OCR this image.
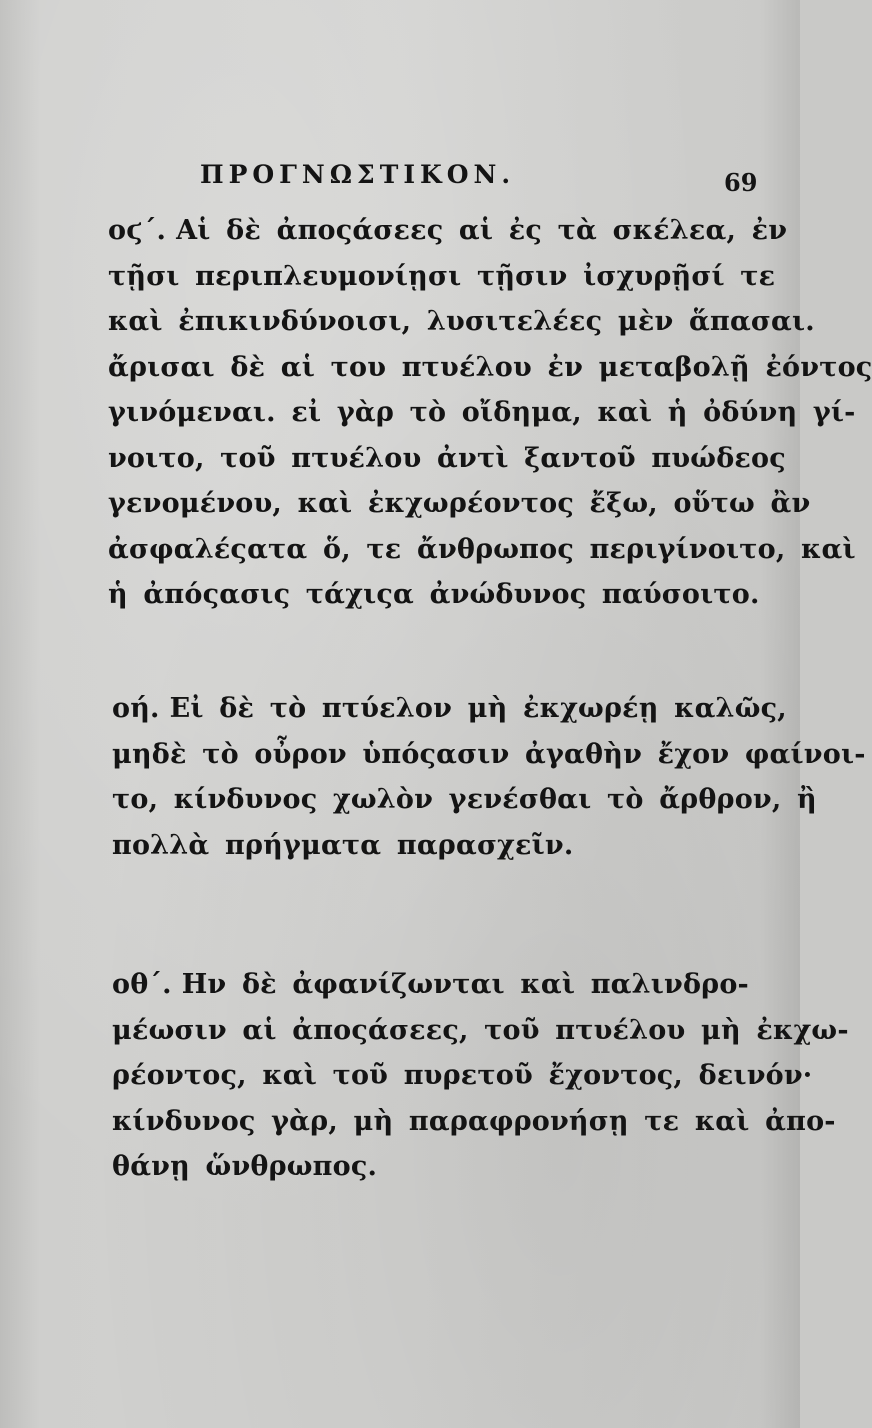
ΠΡΟΓΝΩΣΤΙΚΟΝ.	69
οϛ΄. Αἱ δὲ ἀποςάσεες αἱ ἐς τὰ σκέλεα, ἐν
τῇσι περιπλευμονίῃσι τῇσιν ἰσχυρῇσί τε
καὶ ἐπικινδύνοισι, λυσιτελέες μὲν ἅπασαι.
ἄρισαι δὲ αἱ του πτυέλου ἐν μεταβολῇ ἐόντος
γινόμεναι. εἰ γὰρ τὸ οἴδημα, καὶ ἡ ὀδύνη γί-
νοιτο, τοῦ πτυέλου ἀντὶ ξαντοῦ πυώδεος
γενομένου, καὶ ἐκχωρέοντος ἔξω, οὕτω ἂν
ἀσφαλέςατα ὅ, τε ἄνθρωπος περιγίνοιτο, καὶ
ἡ ἀπόςασις τάχιςα ἀνώδυνος παύσοιτο.
οή. Εἰ δὲ τὸ πτύελον μὴ ἐκχωρέῃ καλῶς,
μηδὲ τὸ οὖρον ὑπόςασιν ἀγαθὴν ἔχον φαίνοι-
το, κίνδυνος χωλὸν γενέσθαι τὸ ἄρθρον, ἢ
πολλὰ πρήγματα παρασχεῖν.
οθ΄. Ην δὲ ἀφανίζωνται καὶ παλινδρο-
μέωσιν αἱ ἀποςάσεες, τοῦ πτυέλου μὴ ἐκχω-
ρέοντος, καὶ τοῦ πυρετοῦ ἔχοντος, δεινόν·
κίνδυνος γὰρ, μὴ παραφρονήσῃ τε καὶ ἀπο-
θάνῃ ὥνθρωπος.
